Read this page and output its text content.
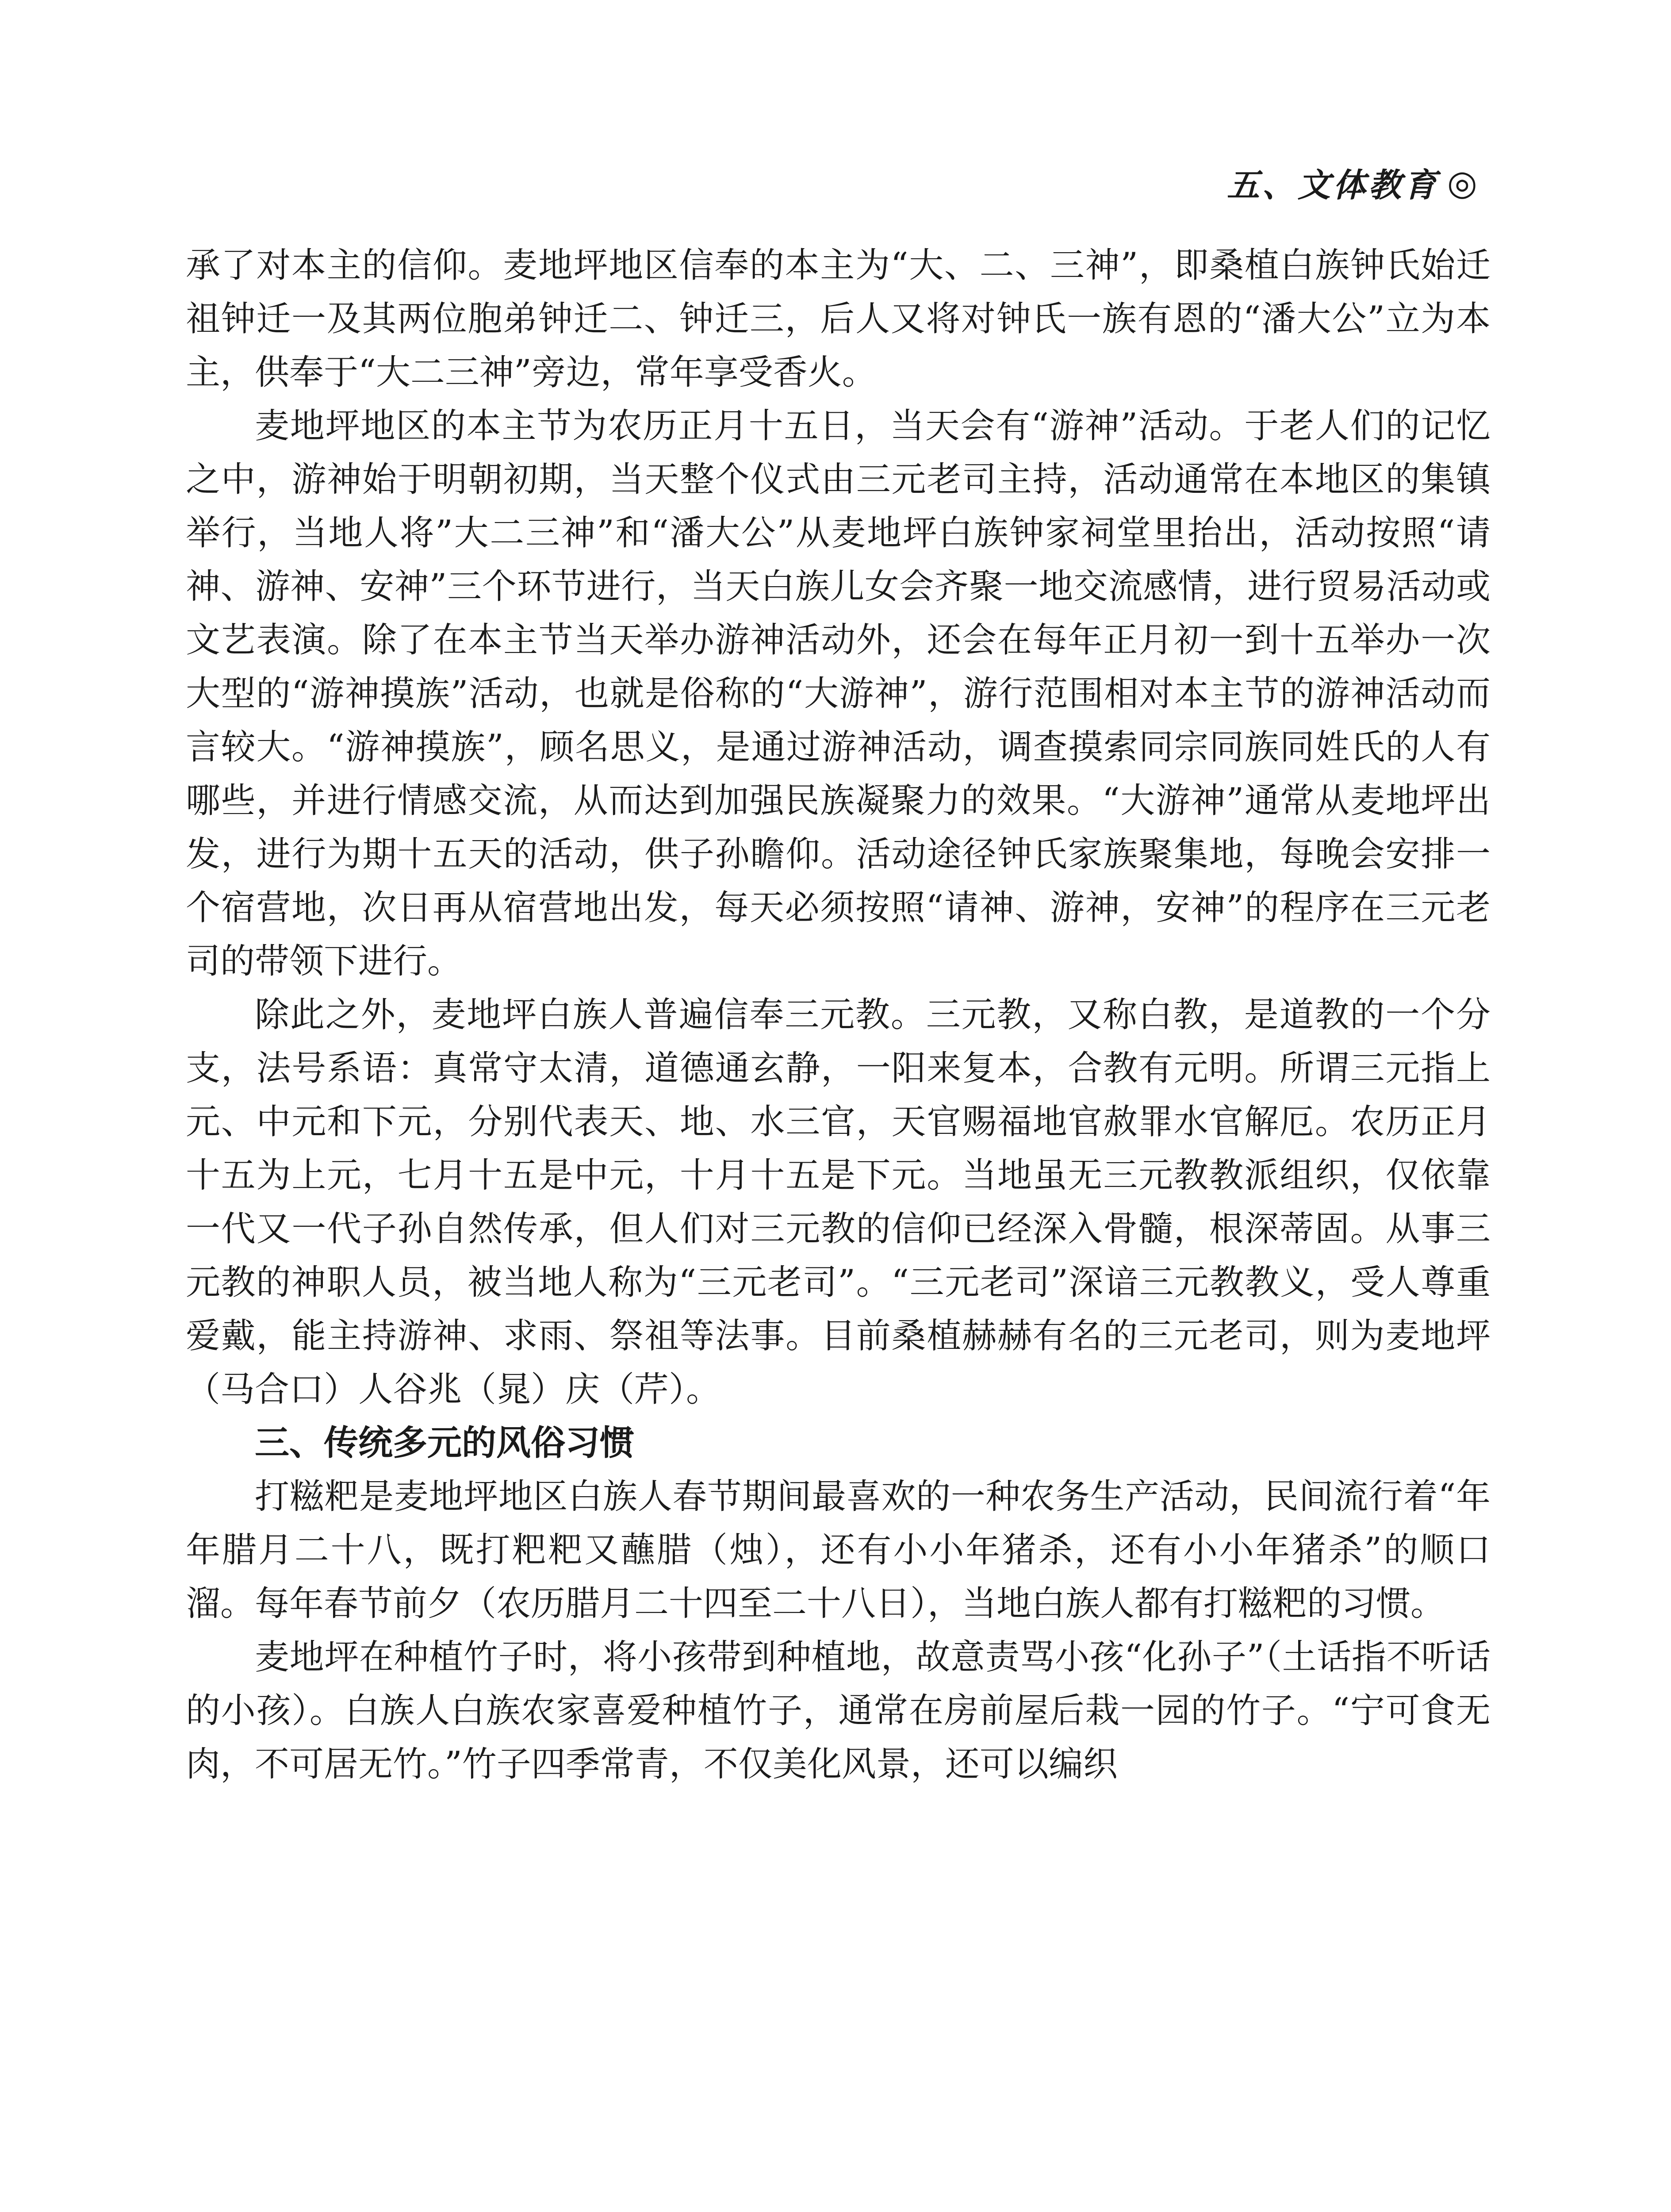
五、文体教育 ◎

承了对本主的信仰。麦地坪地区信奉的本主为“大、二、三神”，即桑植白族钟氏始迁祖钟迁一及其两位胞弟钟迁二、钟迁三，后人又将对钟氏一族有恩的“潘大公”立为本主，供奉于“大二三神”旁边，常年享受香火。

麦地坪地区的本主节为农历正月十五日，当天会有“游神”活动。于老人们的记忆之中，游神始于明朝初期，当天整个仪式由三元老司主持，活动通常在本地区的集镇举行，当地人将”大二三神”和“潘大公”从麦地坪白族钟家祠堂里抬出，活动按照“请神、游神、安神”三个环节进行，当天白族儿女会齐聚一地交流感情，进行贸易活动或文艺表演。除了在本主节当天举办游神活动外，还会在每年正月初一到十五举办一次大型的“游神摸族”活动，也就是俗称的“大游神”，游行范围相对本主节的游神活动而言较大。“游神摸族”，顾名思义，是通过游神活动，调查摸索同宗同族同姓氏的人有哪些，并进行情感交流，从而达到加强民族凝聚力的效果。“大游神”通常从麦地坪出发，进行为期十五天的活动，供子孙瞻仰。活动途径钟氏家族聚集地，每晚会安排一个宿营地，次日再从宿营地出发，每天必须按照“请神、游神，安神”的程序在三元老司的带领下进行。

除此之外，麦地坪白族人普遍信奉三元教。三元教，又称白教，是道教的一个分支，法号系语：真常守太清，道德通玄静，一阳来复本，合教有元明。所谓三元指上元、中元和下元，分别代表天、地、水三官，天官赐福地官赦罪水官解厄。农历正月十五为上元，七月十五是中元，十月十五是下元。当地虽无三元教教派组织，仅依靠一代又一代子孙自然传承，但人们对三元教的信仰已经深入骨髓，根深蒂固。从事三元教的神职人员，被当地人称为“三元老司”。“三元老司”深谙三元教教义，受人尊重爱戴，能主持游神、求雨、祭祖等法事。目前桑植赫赫有名的三元老司，则为麦地坪（马合口）人谷兆（晁）庆（芹）。

三、传统多元的风俗习惯

打糍粑是麦地坪地区白族人春节期间最喜欢的一种农务生产活动，民间流行着“年年腊月二十八，既打粑粑又蘸腊（烛），还有小小年猪杀，还有小小年猪杀”的顺口溜。每年春节前夕（农历腊月二十四至二十八日），当地白族人都有打糍粑的习惯。

麦地坪在种植竹子时，将小孩带到种植地，故意责骂小孩“化孙子”（土话指不听话的小孩）。白族人白族农家喜爱种植竹子，通常在房前屋后栽一园的竹子。“宁可食无肉，不可居无竹。”竹子四季常青，不仅美化风景，还可以编织
